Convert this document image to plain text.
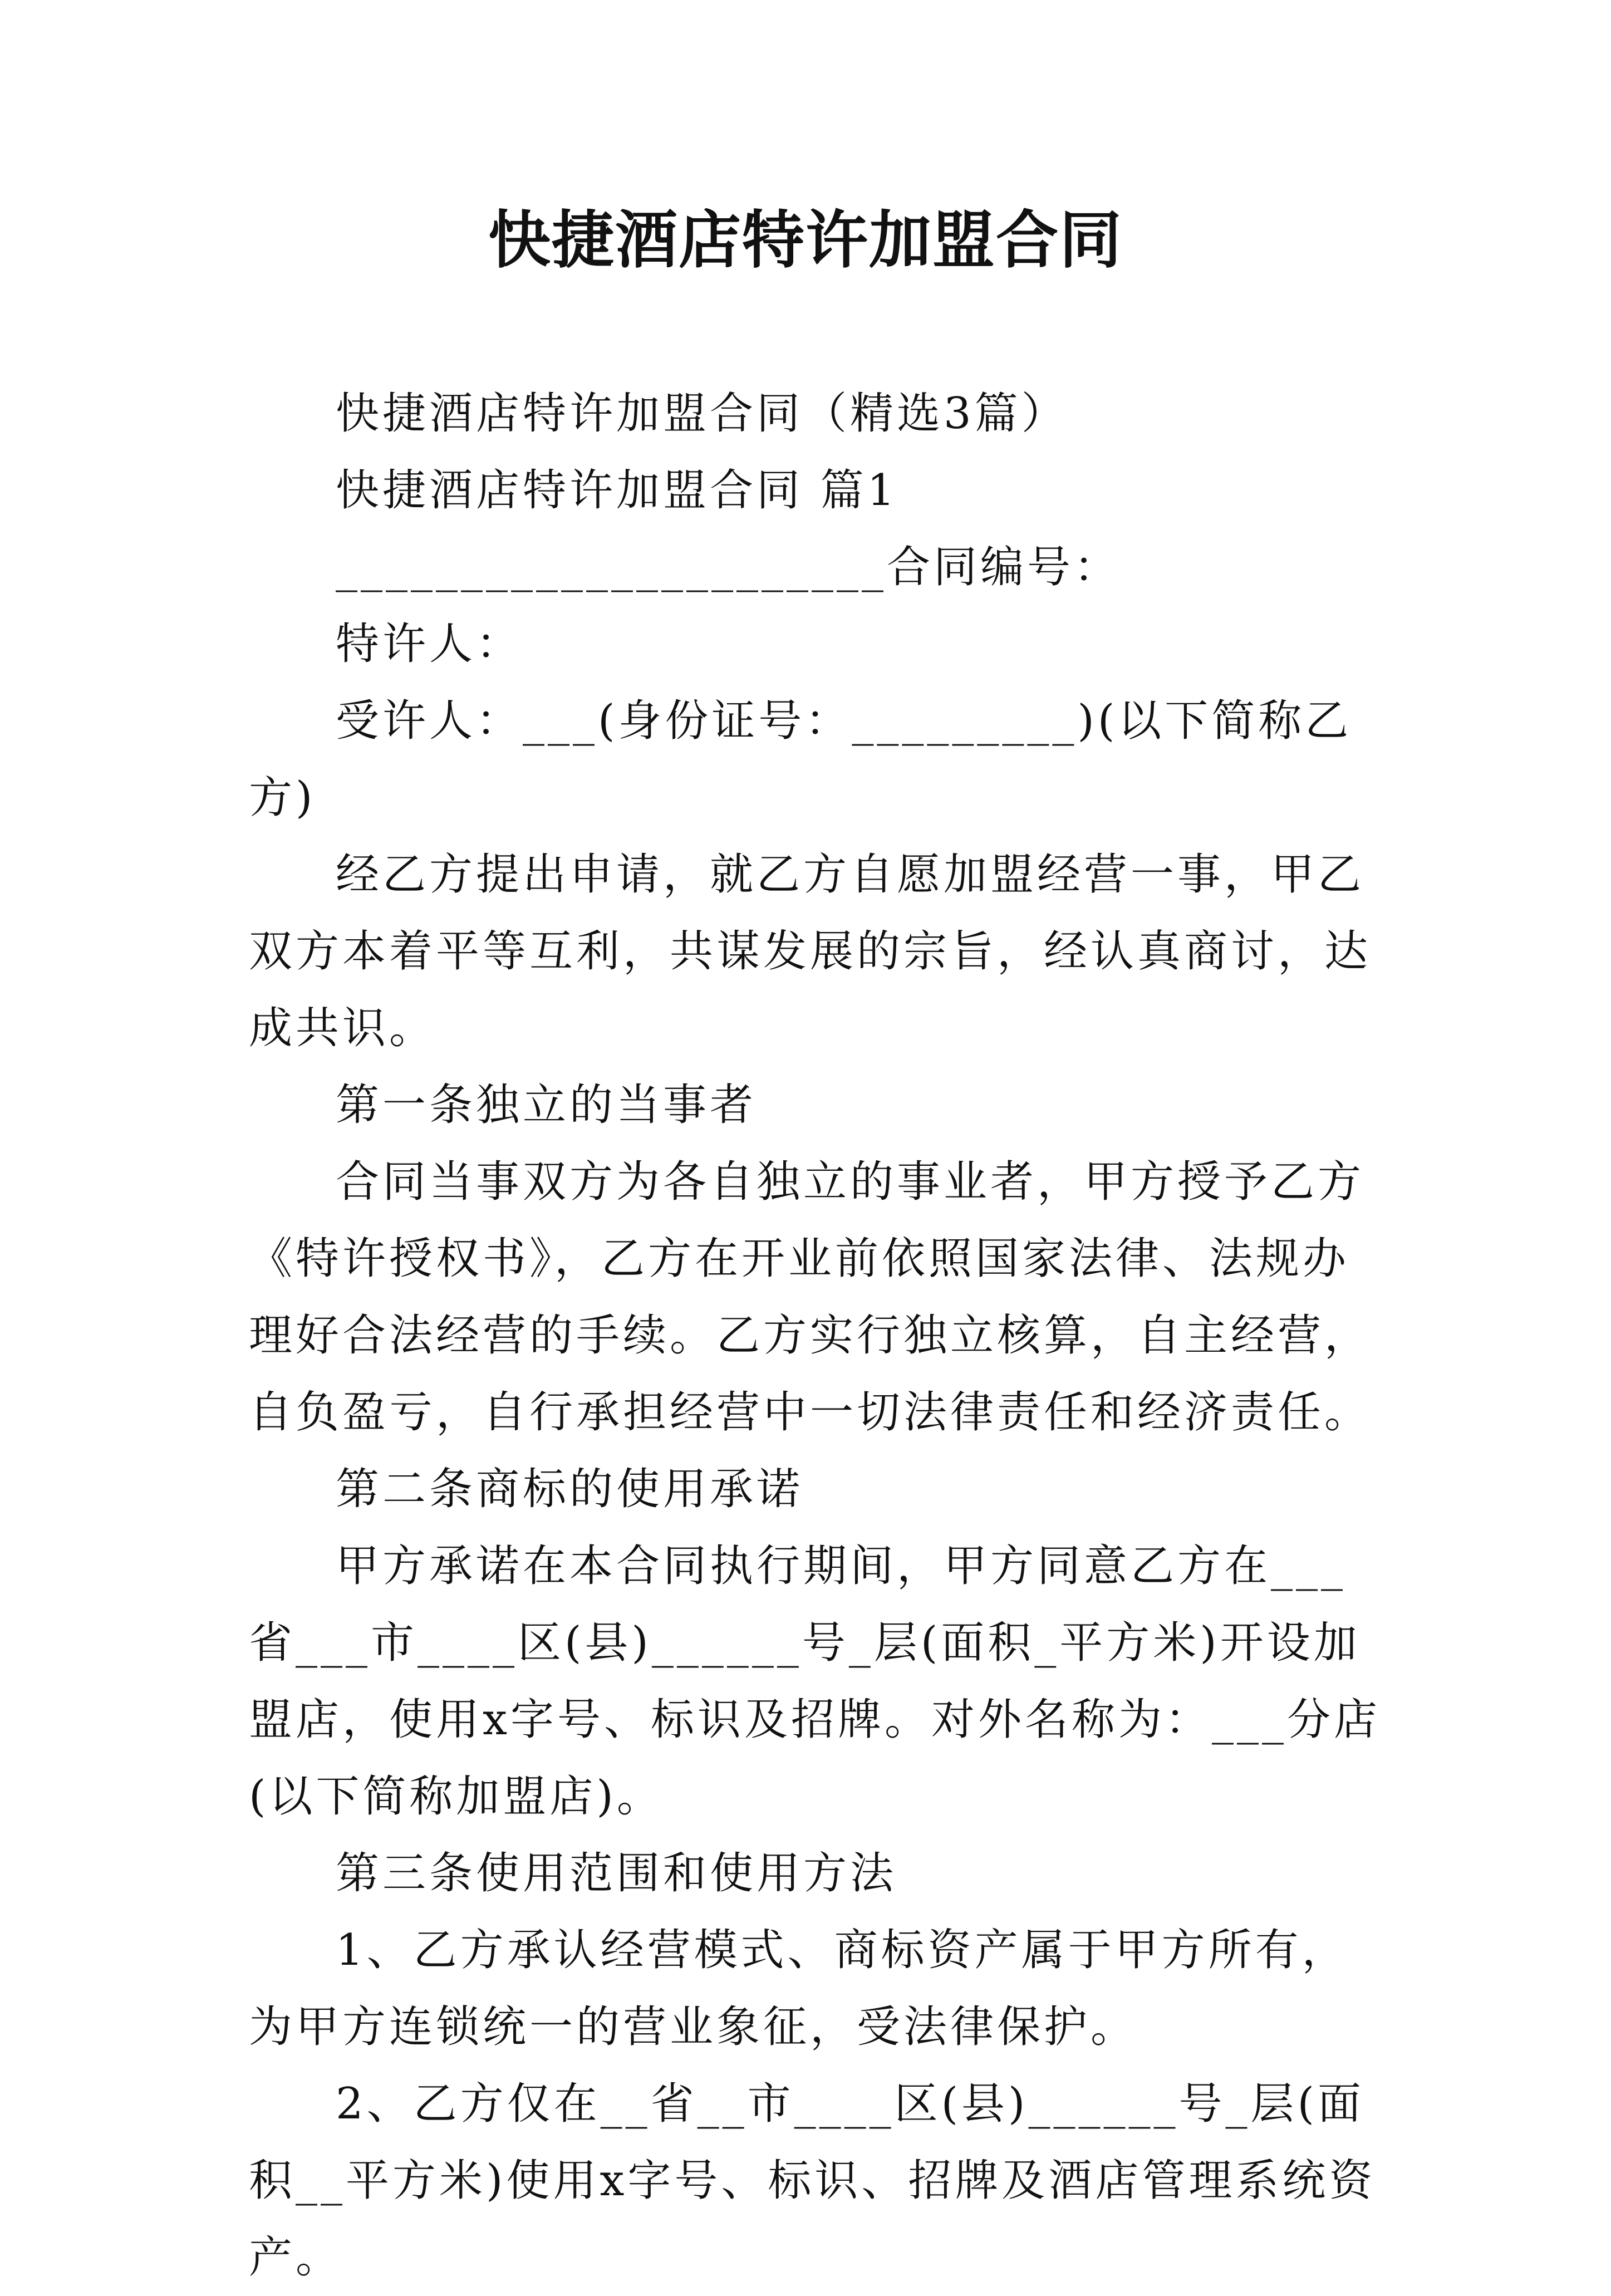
快捷酒店特许加盟合同

快捷酒店特许加盟合同（精选3篇）

快捷酒店特许加盟合同 篇1

______________________合同编号：

特许人：

受许人：___(身份证号：_________)(以下简称乙方)

经乙方提出申请，就乙方自愿加盟经营一事，甲乙双方本着平等互利，共谋发展的宗旨，经认真商讨，达成共识。

第一条独立的当事者

合同当事双方为各自独立的事业者，甲方授予乙方《特许授权书》，乙方在开业前依照国家法律、法规办理好合法经营的手续。乙方实行独立核算，自主经营，自负盈亏，自行承担经营中一切法律责任和经济责任。

第二条商标的使用承诺

甲方承诺在本合同执行期间，甲方同意乙方在___省___市____区(县)______号_层(面积_平方米)开设加盟店，使用x字号、标识及招牌。对外名称为：___分店(以下简称加盟店)。

第三条使用范围和使用方法

1、乙方承认经营模式、商标资产属于甲方所有，为甲方连锁统一的营业象征，受法律保护。

2、乙方仅在__省__市____区(县)______号_层(面积__平方米)使用x字号、标识、招牌及酒店管理系统资产。
